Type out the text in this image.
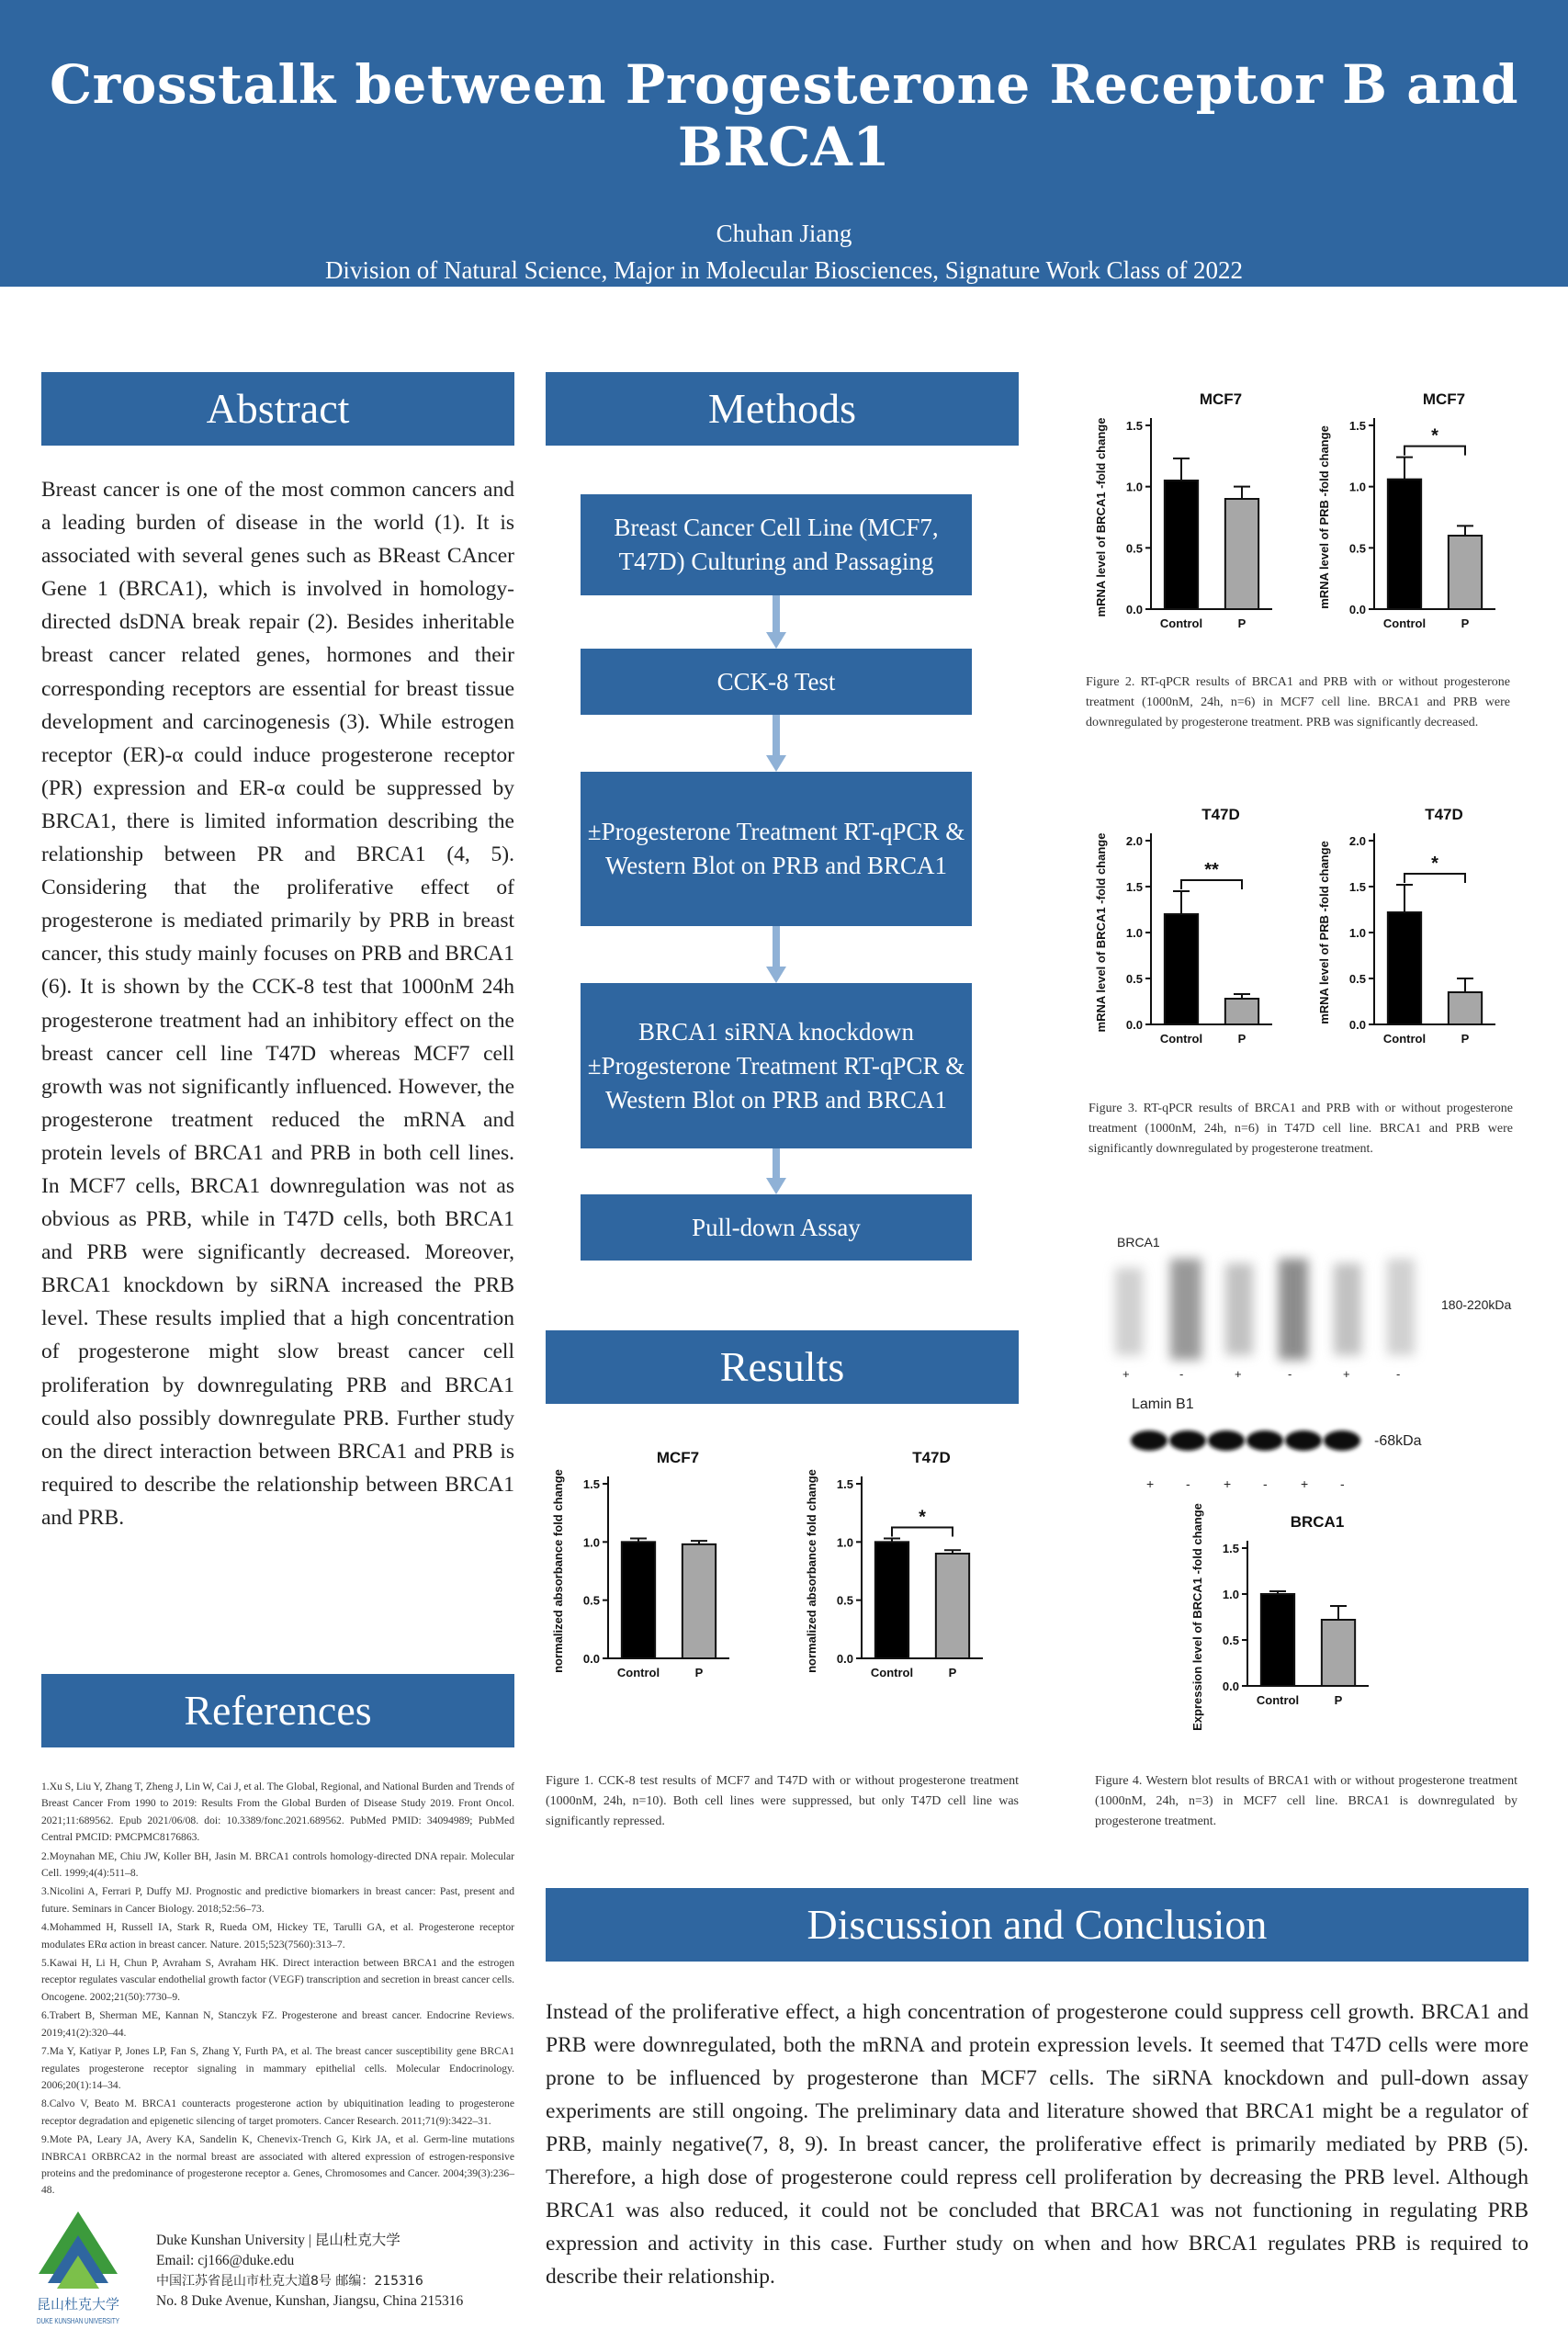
Crosstalk between Progesterone Receptor B and BRCA1
Chuhan Jiang
Division of Natural Science, Major in Molecular Biosciences, Signature Work Class of 2022
Supervised by Dr. Anastasia Tsigkou
Abstract
Breast cancer is one of the most common cancers and a leading burden of disease in the world (1). It is associated with several genes such as BReast CAncer Gene 1 (BRCA1), which is involved in homology-directed dsDNA break repair (2). Besides inheritable breast cancer related genes, hormones and their corresponding receptors are essential for breast tissue development and carcinogenesis (3). While estrogen receptor (ER)-α could induce progesterone receptor (PR) expression and ER-α could be suppressed by BRCA1, there is limited information describing the relationship between PR and BRCA1 (4, 5). Considering that the proliferative effect of progesterone is mediated primarily by PRB in breast cancer, this study mainly focuses on PRB and BRCA1 (6). It is shown by the CCK-8 test that 1000nM 24h progesterone treatment had an inhibitory effect on the breast cancer cell line T47D whereas MCF7 cell growth was not significantly influenced. However, the progesterone treatment reduced the mRNA and protein levels of BRCA1 and PRB in both cell lines. In MCF7 cells, BRCA1 downregulation was not as obvious as PRB, while in T47D cells, both BRCA1 and PRB were significantly decreased. Moreover, BRCA1 knockdown by siRNA increased the PRB level. These results implied that a high concentration of progesterone might slow breast cancer cell proliferation by downregulating PRB and BRCA1 could also possibly downregulate PRB. Further study on the direct interaction between BRCA1 and PRB is required to describe the relationship between BRCA1 and PRB.
References

1.Xu S, Liu Y, Zhang T, Zheng J, Lin W, Cai J, et al. The Global, Regional, and National Burden and Trends of Breast Cancer From 1990 to 2019: Results From the Global Burden of Disease Study 2019. Front Oncol. 2021;11:689562. Epub 2021/06/08. doi: 10.3389/fonc.2021.689562. PubMed PMID: 34094989; PubMed Central PMCID: PMCPMC8176863.

2.Moynahan ME, Chiu JW, Koller BH, Jasin M. BRCA1 controls homology-directed DNA repair. Molecular Cell. 1999;4(4):511–8.

3.Nicolini A, Ferrari P, Duffy MJ. Prognostic and predictive biomarkers in breast cancer: Past, present and future. Seminars in Cancer Biology. 2018;52:56–73.

4.Mohammed H, Russell IA, Stark R, Rueda OM, Hickey TE, Tarulli GA, et al. Progesterone receptor modulates ERα action in breast cancer. Nature. 2015;523(7560):313–7.

5.Kawai H, Li H, Chun P, Avraham S, Avraham HK. Direct interaction between BRCA1 and the estrogen receptor regulates vascular endothelial growth factor (VEGF) transcription and secretion in breast cancer cells. Oncogene. 2002;21(50):7730–9.

6.Trabert B, Sherman ME, Kannan N, Stanczyk FZ. Progesterone and breast cancer. Endocrine Reviews. 2019;41(2):320–44.

7.Ma Y, Katiyar P, Jones LP, Fan S, Zhang Y, Furth PA, et al. The breast cancer susceptibility gene BRCA1 regulates progesterone receptor signaling in mammary epithelial cells. Molecular Endocrinology. 2006;20(1):14–34.

8.Calvo V, Beato M. BRCA1 counteracts progesterone action by ubiquitination leading to progesterone receptor degradation and epigenetic silencing of target promoters. Cancer Research. 2011;71(9):3422–31.

9.Mote PA, Leary JA, Avery KA, Sandelin K, Chenevix-Trench G, Kirk JA, et al. Germ-line mutations INBRCA1 ORBRCA2 in the normal breast are associated with altered expression of estrogen-responsive proteins and the predominance of progesterone receptor a. Genes, Chromosomes and Cancer. 2004;39(3):236–48.

昆山杜克大学
DUKE KUNSHAN UNIVERSITY
Duke Kunshan University | 昆山杜克大学
Email: cj166@duke.edu
中国江苏省昆山市杜克大道8号 邮编：215316
No. 8 Duke Avenue, Kunshan, Jiangsu, China 215316
Methods
Breast Cancer Cell Line (MCF7, T47D) Culturing and Passaging
CCK-8 Test
±Progesterone Treatment RT-qPCR & Western Blot on PRB and BRCA1
BRCA1 siRNA knockdown ±Progesterone Treatment RT-qPCR & Western Blot on PRB and BRCA1
Pull-down Assay
Results
MCF7
normalized absorbance fold change 0.0
0.5
1.0
1.5
Control	P
T47D
normalized absorbance fold change 0.0
0.5
1.0
1.5
Control	P
*
Figure 1. CCK-8 test results of MCF7 and T47D with or without progesterone treatment (1000nM, 24h, n=10). Both cell lines were suppressed, but only T47D cell line was significantly repressed.
MCF7
mRNA level of BRCA1 -fold change 0.0
0.5
1.0
1.5
Control	P
MCF7
mRNA level of PRB -fold change
0.0
0.5
1.0
1.5
Control	P
*
Figure 2. RT-qPCR results of BRCA1 and PRB with or without progesterone treatment (1000nM, 24h, n=6) in MCF7 cell line. BRCA1 and PRB were downregulated by progesterone treatment. PRB was significantly decreased.
T47D
mRNA level of BRCA1 -fold change 0.0
0.5
1.0
1.5
2.0
Control	P
**
T47D
mRNA level of PRB -fold change
0.0
0.5
1.0
1.5
2.0
Control	P
*
Figure 3. RT-qPCR results of BRCA1 and PRB with or without progesterone treatment (1000nM, 24h, n=6) in T47D cell line. BRCA1 and PRB were significantly downregulated by progesterone treatment.
BRCA1
180-220kDa
+	-	+	-	+	-
Lamin B1
-68kDa
+ -	+ -	+ -
BRCA1
Expression level of BRCA1 -fold change 0.0
0.5
1.0
1.5
Control	P
Figure 4. Western blot results of BRCA1 with or without progesterone treatment (1000nM, 24h, n=3) in MCF7 cell line. BRCA1 is downregulated by progesterone treatment.
Discussion and Conclusion
Instead of the proliferative effect, a high concentration of progesterone could suppress cell growth. BRCA1 and PRB were downregulated, both the mRNA and protein expression levels. It seemed that T47D cells were more prone to be influenced by progesterone than MCF7 cells. The siRNA knockdown and pull-down assay experiments are still ongoing. The preliminary data and literature showed that BRCA1 might be a regulator of PRB, mainly negative(7, 8, 9). In breast cancer, the proliferative effect is primarily mediated by PRB (5). Therefore, a high dose of progesterone could repress cell proliferation by decreasing the PRB level. Although BRCA1 was also reduced, it could not be concluded that BRCA1 was not functioning in regulating PRB expression and activity in this case. Further study on when and how BRCA1 regulates PRB is required to describe their relationship.
